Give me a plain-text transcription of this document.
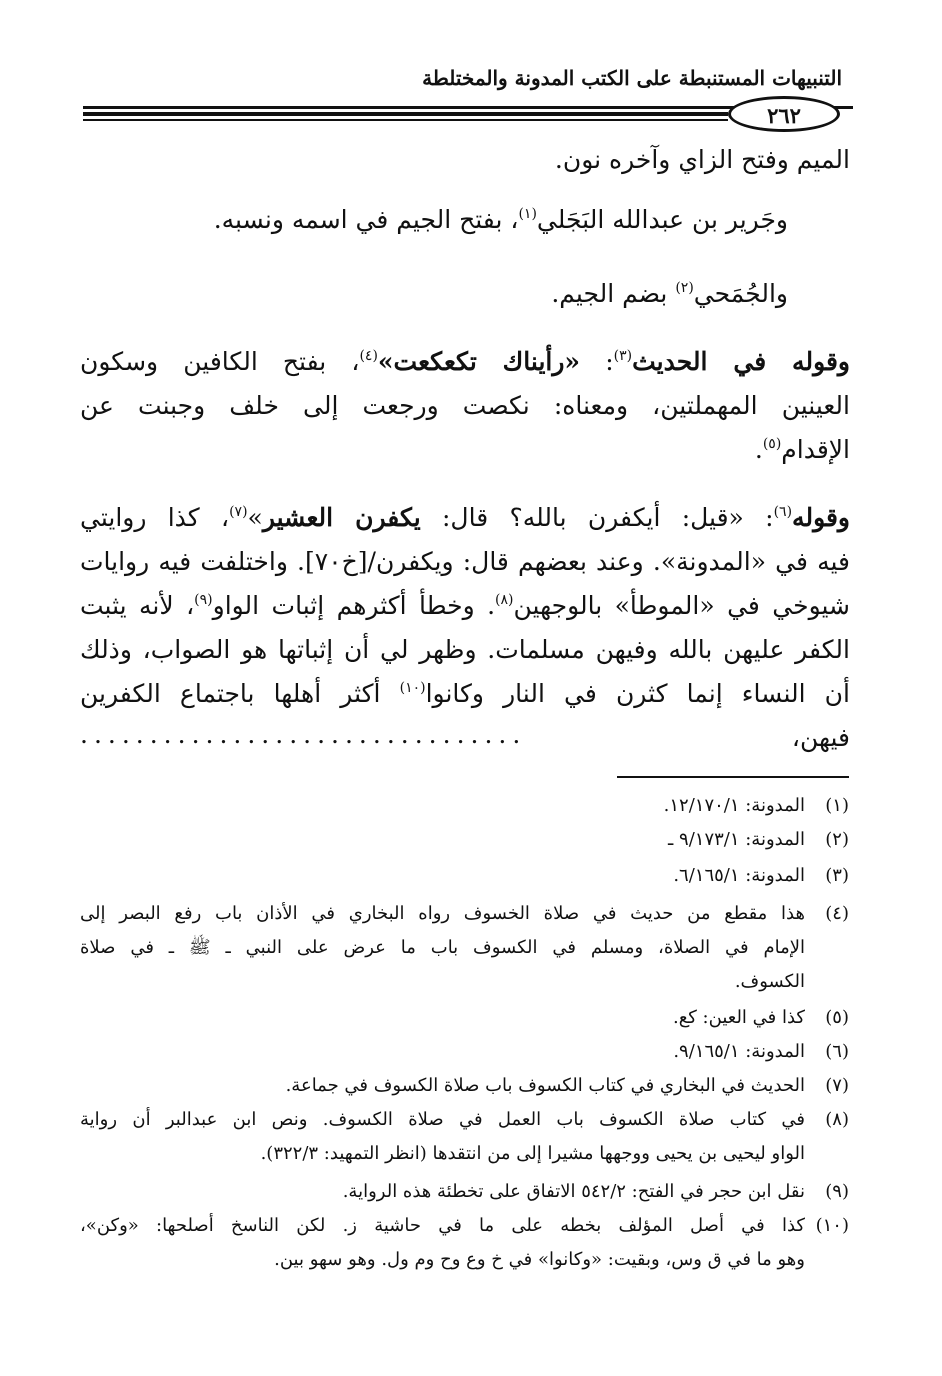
التنبيهات المستنبطة على الكتب المدونة والمختلطة
٢٦٢
الميم وفتح الزاي وآخره نون.
وجَرير بن عبدالله البَجَلي$^{(١)}$، بفتح الجيم في اسمه ونسبه.
والجُمَحي$^{(٢)}$ بضم الجيم.
وقوله في الحديث$^{(٣)}$: «رأيناك تكعكعت»$^{(٤)}$، بفتح الكافين وسكون
العينين المهملتين، ومعناه: نكصت ورجعت إلى خلف وجبنت عن
الإقدام$^{(٥)}$.
وقوله$^{(٦)}$: «قيل: أيكفرن بالله؟ قال: يكفرن العشير»$^{(٧)}$، كذا روايتي
فيه في «المدونة». وعند بعضهم قال: ويكفرن/[خ٧٠]. واختلفت فيه روايات
شيوخي في «الموطأ» بالوجهين$^{(٨)}$. وخطأ أكثرهم إثبات الواو$^{(٩)}$، لأنه يثبت
الكفر عليهن بالله وفيهن مسلمات. وظهر لي أن إثباتها هو الصواب، وذلك
أن النساء إنما كثرن في النار وكانوا$^{(١٠)}$ أكثر أهلها باجتماع الكفرين
فيهن،
................................
(١)
المدونة: ١٢/١٧٠/١.
(٢)
المدونة: ٩/١٧٣/١ ـ
(٣)
المدونة: ٦/١٦٥/١.
(٤)
هذا مقطع من حديث في صلاة الخسوف رواه البخاري في الأذان باب رفع البصر إلى
الإمام في الصلاة، ومسلم في الكسوف باب ما عرض على النبي ـ ﷺ ـ في صلاة
الكسوف.
(٥)
كذا في العين: كع.
(٦)
المدونة: ٩/١٦٥/١.
(٧)
الحديث في البخاري في كتاب الكسوف باب صلاة الكسوف في جماعة.
(٨)
في كتاب صلاة الكسوف باب العمل في صلاة الكسوف. ونص ابن عبدالبر أن رواية
الواو ليحيى بن يحيى ووجهها مشيرا إلى من انتقدها (انظر التمهيد: ٣٢٢/٣).
(٩)
نقل ابن حجر في الفتح: ٥٤٢/٢ الاتفاق على تخطئة هذه الرواية.
(١٠)
كذا في أصل المؤلف بخطه على ما في حاشية ز. لكن الناسخ أصلحها: «وكن»،
وهو ما في ق وس، وبقيت: «وكانوا» في خ وع وح وم ول. وهو سهو بين.
